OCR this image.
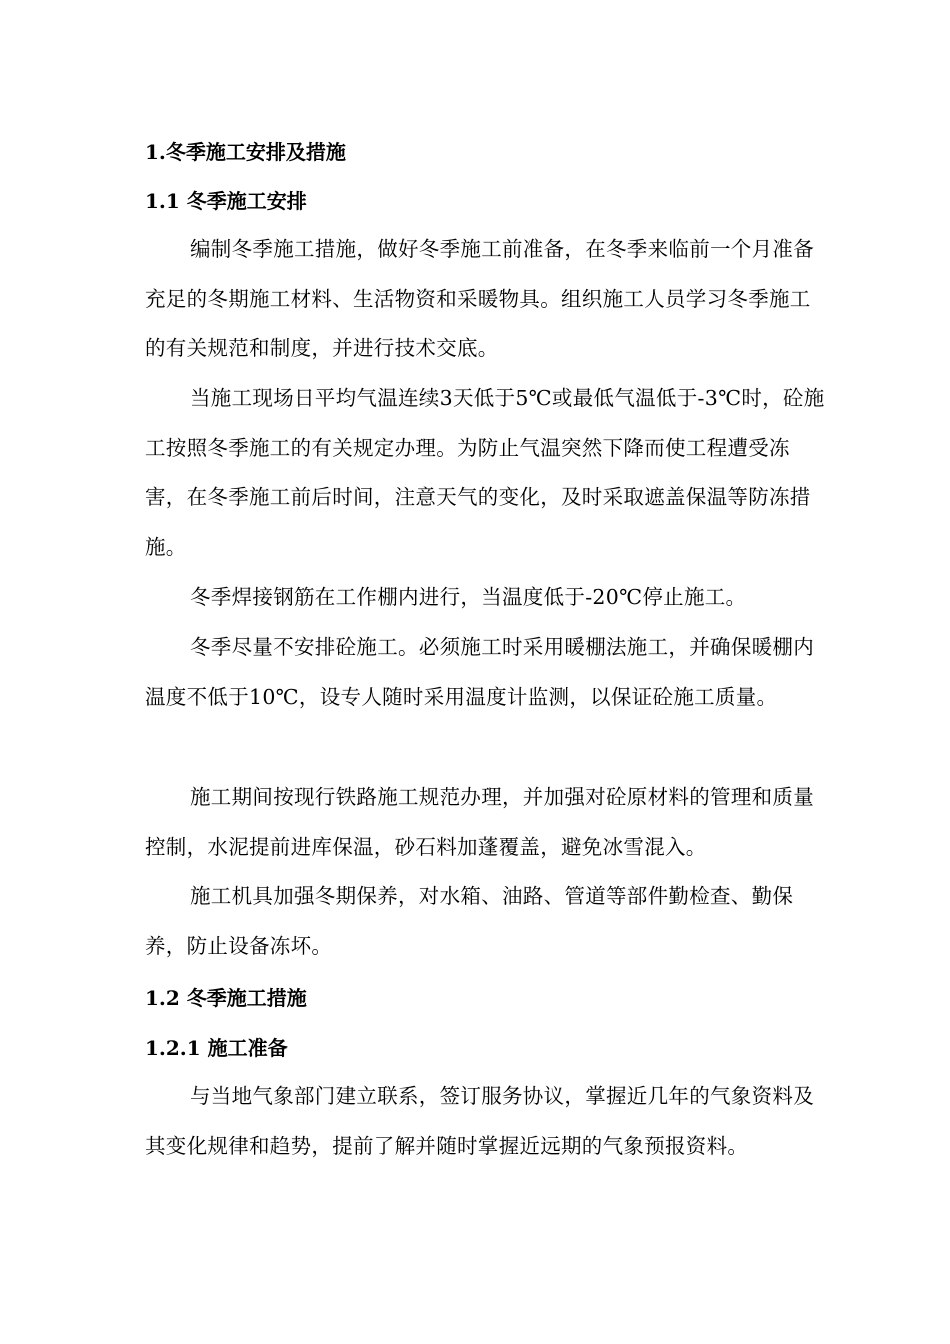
1.冬季施工安排及措施
1.1 冬季施工安排

编制冬季施工措施，做好冬季施工前准备，在冬季来临前一个月准备充足的冬期施工材料、生活物资和采暖物具。组织施工人员学习冬季施工的有关规范和制度，并进行技术交底。

当施工现场日平均气温连续3天低于5℃或最低气温低于-3℃时，砼施工按照冬季施工的有关规定办理。为防止气温突然下降而使工程遭受冻害，在冬季施工前后时间，注意天气的变化，及时采取遮盖保温等防冻措施。

冬季焊接钢筋在工作棚内进行，当温度低于-20℃停止施工。

冬季尽量不安排砼施工。必须施工时采用暖棚法施工，并确保暖棚内温度不低于10℃，设专人随时采用温度计监测，以保证砼施工质量。

施工期间按现行铁路施工规范办理，并加强对砼原材料的管理和质量控制，水泥提前进库保温，砂石料加蓬覆盖，避免冰雪混入。

施工机具加强冬期保养，对水箱、油路、管道等部件勤检查、勤保养，防止设备冻坏。

1.2 冬季施工措施
1.2.1 施工准备

与当地气象部门建立联系，签订服务协议，掌握近几年的气象资料及其变化规律和趋势，提前了解并随时掌握近远期的气象预报资料。
